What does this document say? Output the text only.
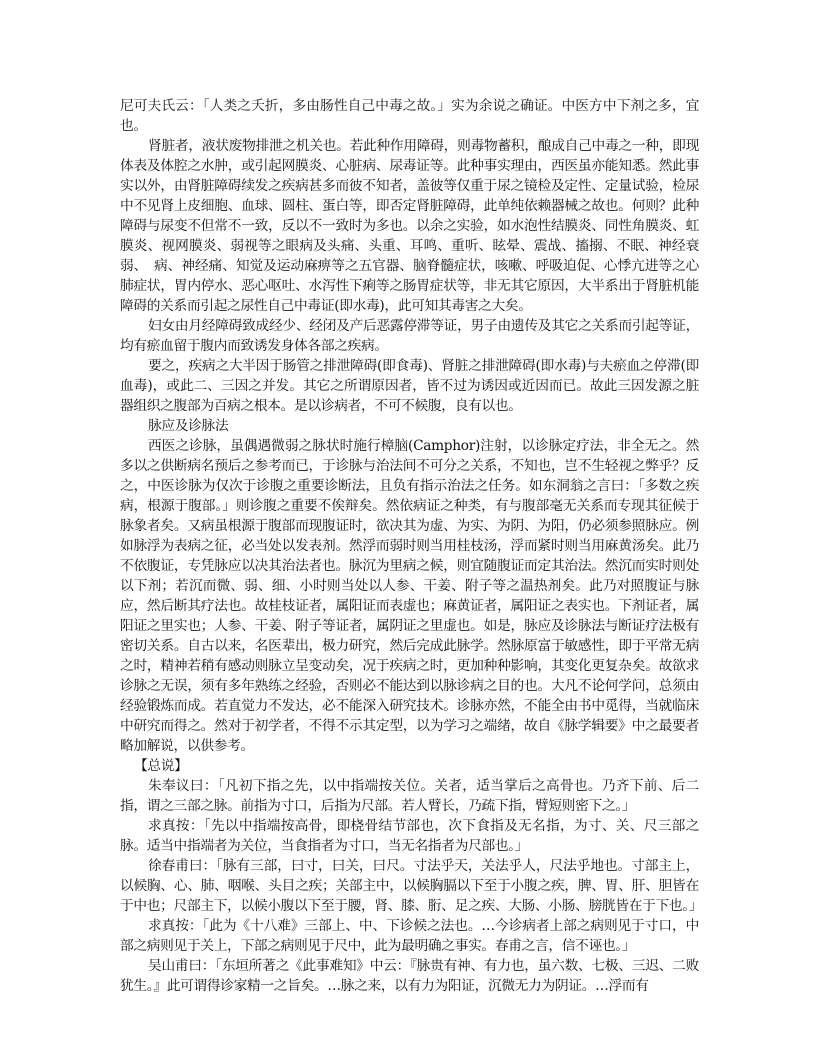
尼可夫氏云：「人类之夭折，多由肠性自己中毒之故。」实为余说之确证。中医方中下剂之多，宜也。

肾脏者，液状废物排泄之机关也。若此种作用障碍，则毒物蓄积，酿成自己中毒之一种，即现体表及体腔之水肿，或引起网膜炎、心脏病、尿毒证等。此种事实理由，西医虽亦能知悉。然此事实以外，由肾脏障碍续发之疾病甚多而彼不知者，盖彼等仅重于尿之镜检及定性、定量试验，检尿中不见肾上皮细胞、血球、圆柱、蛋白等，即否定肾脏障碍，此单纯依赖器械之故也。何则？此种障碍与尿变不但常不一致，反以不一致时为多也。以余之实验，如水泡性结膜炎、同性角膜炎、虹膜炎、视网膜炎、弱视等之眼病及头痛、头重、耳鸣、重听、眩晕、震战、搐搦、不眠、神经衰弱、　病、神经痛、知觉及运动麻痹等之五官器、脑脊髓症状，咳嗽、呼吸迫促、心悸亢进等之心肺症状，胃内停水、恶心呕吐、水泻性下痢等之肠胃症状等，非无其它原因，大半系出于肾脏机能障碍的关系而引起之尿性自己中毒证(即水毒)，此可知其毒害之大矣。

妇女由月经障碍致成经少、经闭及产后恶露停滞等证，男子由遗传及其它之关系而引起等证，均有瘀血留于腹内而致诱发身体各部之疾病。

要之，疾病之大半因于肠管之排泄障碍(即食毒)、肾脏之排泄障碍(即水毒)与夫瘀血之停滞(即血毒)，或此二、三因之并发。其它之所谓原因者，皆不过为诱因或近因而已。故此三因发源之脏器组织之腹部为百病之根本。是以诊病者，不可不候腹，良有以也。

脉应及诊脉法

西医之诊脉，虽偶遇微弱之脉状时施行樟脑(Camphor)注射，以诊脉定疗法，非全无之。然多以之供断病名预后之参考而已，于诊脉与治法间不可分之关系，不知也，岂不生轻视之弊乎？反之，中医诊脉为仅次于诊腹之重要诊断法，且负有指示治法之任务。如东洞翁之言曰：「多数之疾病，根源于腹部。」则诊腹之重要不俟辩矣。然依病证之种类，有与腹部毫无关系而专现其征候于脉象者矣。又病虽根源于腹部而现腹证时，欲决其为虚、为实、为阴、为阳，仍必须参照脉应。例如脉浮为表病之征，必当处以发表剂。然浮而弱时则当用桂枝汤，浮而紧时则当用麻黄汤矣。此乃不依腹证，专凭脉应以决其治法者也。脉沉为里病之候，则宜随腹证而定其治法。然沉而实时则处以下剂；若沉而微、弱、细、小时则当处以人参、干姜、附子等之温热剂矣。此乃对照腹证与脉应，然后断其疗法也。故桂枝证者，属阳证而表虚也；麻黄证者，属阳证之表实也。下剂证者，属阳证之里实也；人参、干姜、附子等证者，属阴证之里虚也。如是，脉应及诊脉法与断证疗法极有密切关系。自古以来，名医辈出，极力研究，然后完成此脉学。然脉原富于敏感性，即于平常无病之时，精神若稍有感动则脉立呈变动矣，况于疾病之时，更加种种影响，其变化更复杂矣。故欲求诊脉之无误，须有多年熟练之经验，否则必不能达到以脉诊病之目的也。大凡不论何学问，总须由经验锻炼而成。若直觉力不发达，必不能深入研究技术。诊脉亦然，不能全由书中觅得，当就临床中研究而得之。然对于初学者，不得不示其定型，以为学习之端绪，故自《脉学辑要》中之最要者略加解说，以供参考。

【总说】

朱奉议曰：「凡初下指之先，以中指端按关位。关者，适当掌后之高骨也。乃齐下前、后二指，谓之三部之脉。前指为寸口，后指为尺部。若人臂长，乃疏下指，臂短则密下之。」

求真按：「先以中指端按高骨，即桡骨结节部也，次下食指及无名指，为寸、关、尺三部之脉。适当中指端者为关位，当食指者为寸口，当无名指者为尺部也。」

徐春甫曰：「脉有三部，曰寸，曰关，曰尺。寸法乎天，关法乎人，尺法乎地也。寸部主上，以候胸、心、肺、咽喉、头目之疾；关部主中，以候胸膈以下至于小腹之疾，脾、胃、肝、胆皆在于中也；尺部主下，以候小腹以下至于腰，肾、膝、胻、足之疾、大肠、小肠、膀胱皆在于下也。」

求真按：「此为《十八难》三部上、中、下诊候之法也。…今诊病者上部之病则见于寸口，中部之病则见于关上，下部之病则见于尺中，此为最明确之事实。春甫之言，信不诬也。」

吴山甫曰：「东垣所著之《此事难知》中云：『脉贵有神、有力也，虽六数、七极、三迟、二败犹生。』此可谓得诊家精一之旨矣。…脉之来，以有力为阳证，沉微无力为阴证。…浮而有
